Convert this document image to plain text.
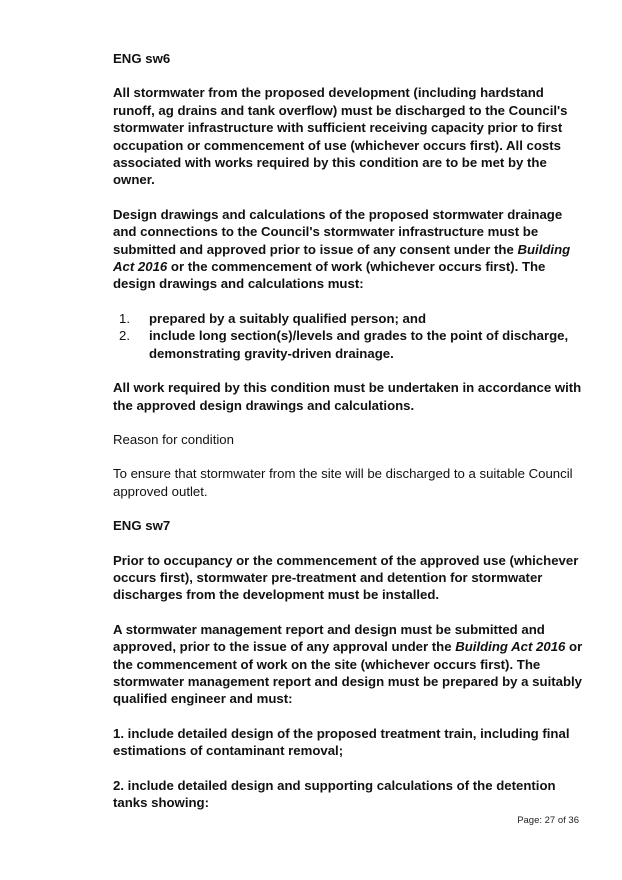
ENG sw6

All stormwater from the proposed development (including hardstand runoff, ag drains and tank overflow) must be discharged to the Council's stormwater infrastructure with sufficient receiving capacity prior to first occupation or commencement of use (whichever occurs first). All costs associated with works required by this condition are to be met by the owner.

Design drawings and calculations of the proposed stormwater drainage and connections to the Council's stormwater infrastructure must be submitted and approved prior to issue of any consent under the Building Act 2016 or the commencement of work (whichever occurs first). The design drawings and calculations must:

1. prepared by a suitably qualified person; and
2. include long section(s)/levels and grades to the point of discharge, demonstrating gravity-driven drainage.

All work required by this condition must be undertaken in accordance with the approved design drawings and calculations.

Reason for condition

To ensure that stormwater from the site will be discharged to a suitable Council approved outlet.

ENG sw7

Prior to occupancy or the commencement of the approved use (whichever occurs first), stormwater pre-treatment and detention for stormwater discharges from the development must be installed.

A stormwater management report and design must be submitted and approved, prior to the issue of any approval under the Building Act 2016 or the commencement of work on the site (whichever occurs first). The stormwater management report and design must be prepared by a suitably qualified engineer and must:

1. include detailed design of the proposed treatment train, including final estimations of contaminant removal;

2. include detailed design and supporting calculations of the detention tanks showing:

Page: 27 of 36
